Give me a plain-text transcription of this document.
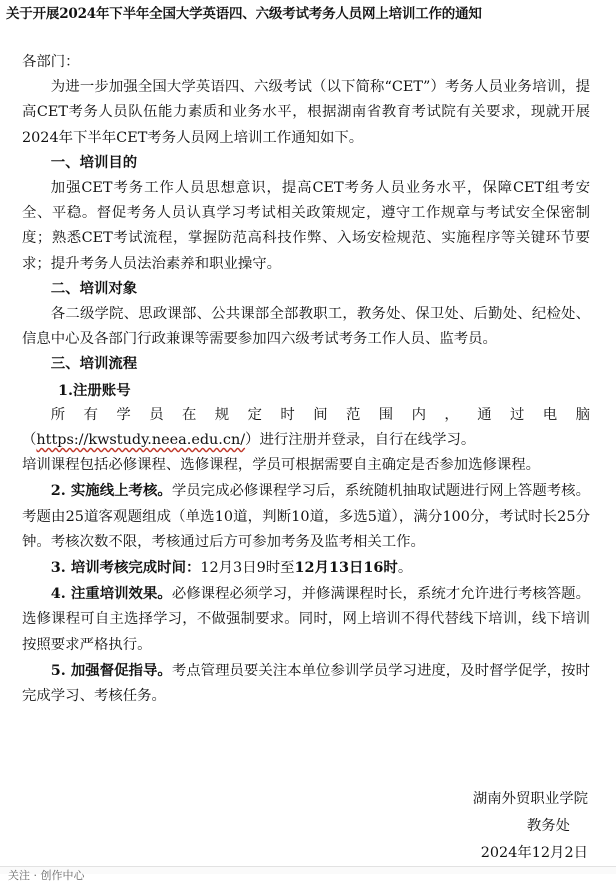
关于开展2024年下半年全国大学英语四、六级考试考务人员网上培训工作的通知

各部门：

为进一步加强全国大学英语四、六级考试（以下简称“CET”）考务人员业务培训，提高CET考务人员队伍能力素质和业务水平，根据湖南省教育考试院有关要求，现就开展2024年下半年CET考务人员网上培训工作通知如下。

一、培训目的

加强CET考务工作人员思想意识，提高CET考务人员业务水平，保障CET组考安全、平稳。督促考务人员认真学习考试相关政策规定，遵守工作规章与考试安全保密制度；熟悉CET考试流程，掌握防范高科技作弊、入场安检规范、实施程序等关键环节要求；提升考务人员法治素养和职业操守。

二、培训对象

各二级学院、思政课部、公共课部全部教职工，教务处、保卫处、后勤处、纪检处、信息中心及各部门行政兼课等需要参加四六级考试考务工作人员、监考员。

三、培训流程

1.注册账号

所有学员在规定时间范围内，通过电脑

（https://kwstudy.neea.edu.cn/）进行注册并登录，自行在线学习。

培训课程包括必修课程、选修课程，学员可根据需要自主确定是否参加选修课程。

2. 实施线上考核。学员完成必修课程学习后，系统随机抽取试题进行网上答题考核。考题由25道客观题组成（单选10道，判断10道，多选5道），满分100分，考试时长25分钟。考核次数不限，考核通过后方可参加考务及监考相关工作。

3. 培训考核完成时间：12月3日9时至12月13日16时。

4. 注重培训效果。必修课程必须学习，并修满课程时长，系统才允许进行考核答题。选修课程可自主选择学习，不做强制要求。同时，网上培训不得代替线下培训，线下培训按照要求严格执行。

5. 加强督促指导。考点管理员要关注本单位参训学员学习进度，及时督学促学，按时完成学习、考核任务。

湖南外贸职业学院
教务处
2024年12月2日
关注 · 创作中心
